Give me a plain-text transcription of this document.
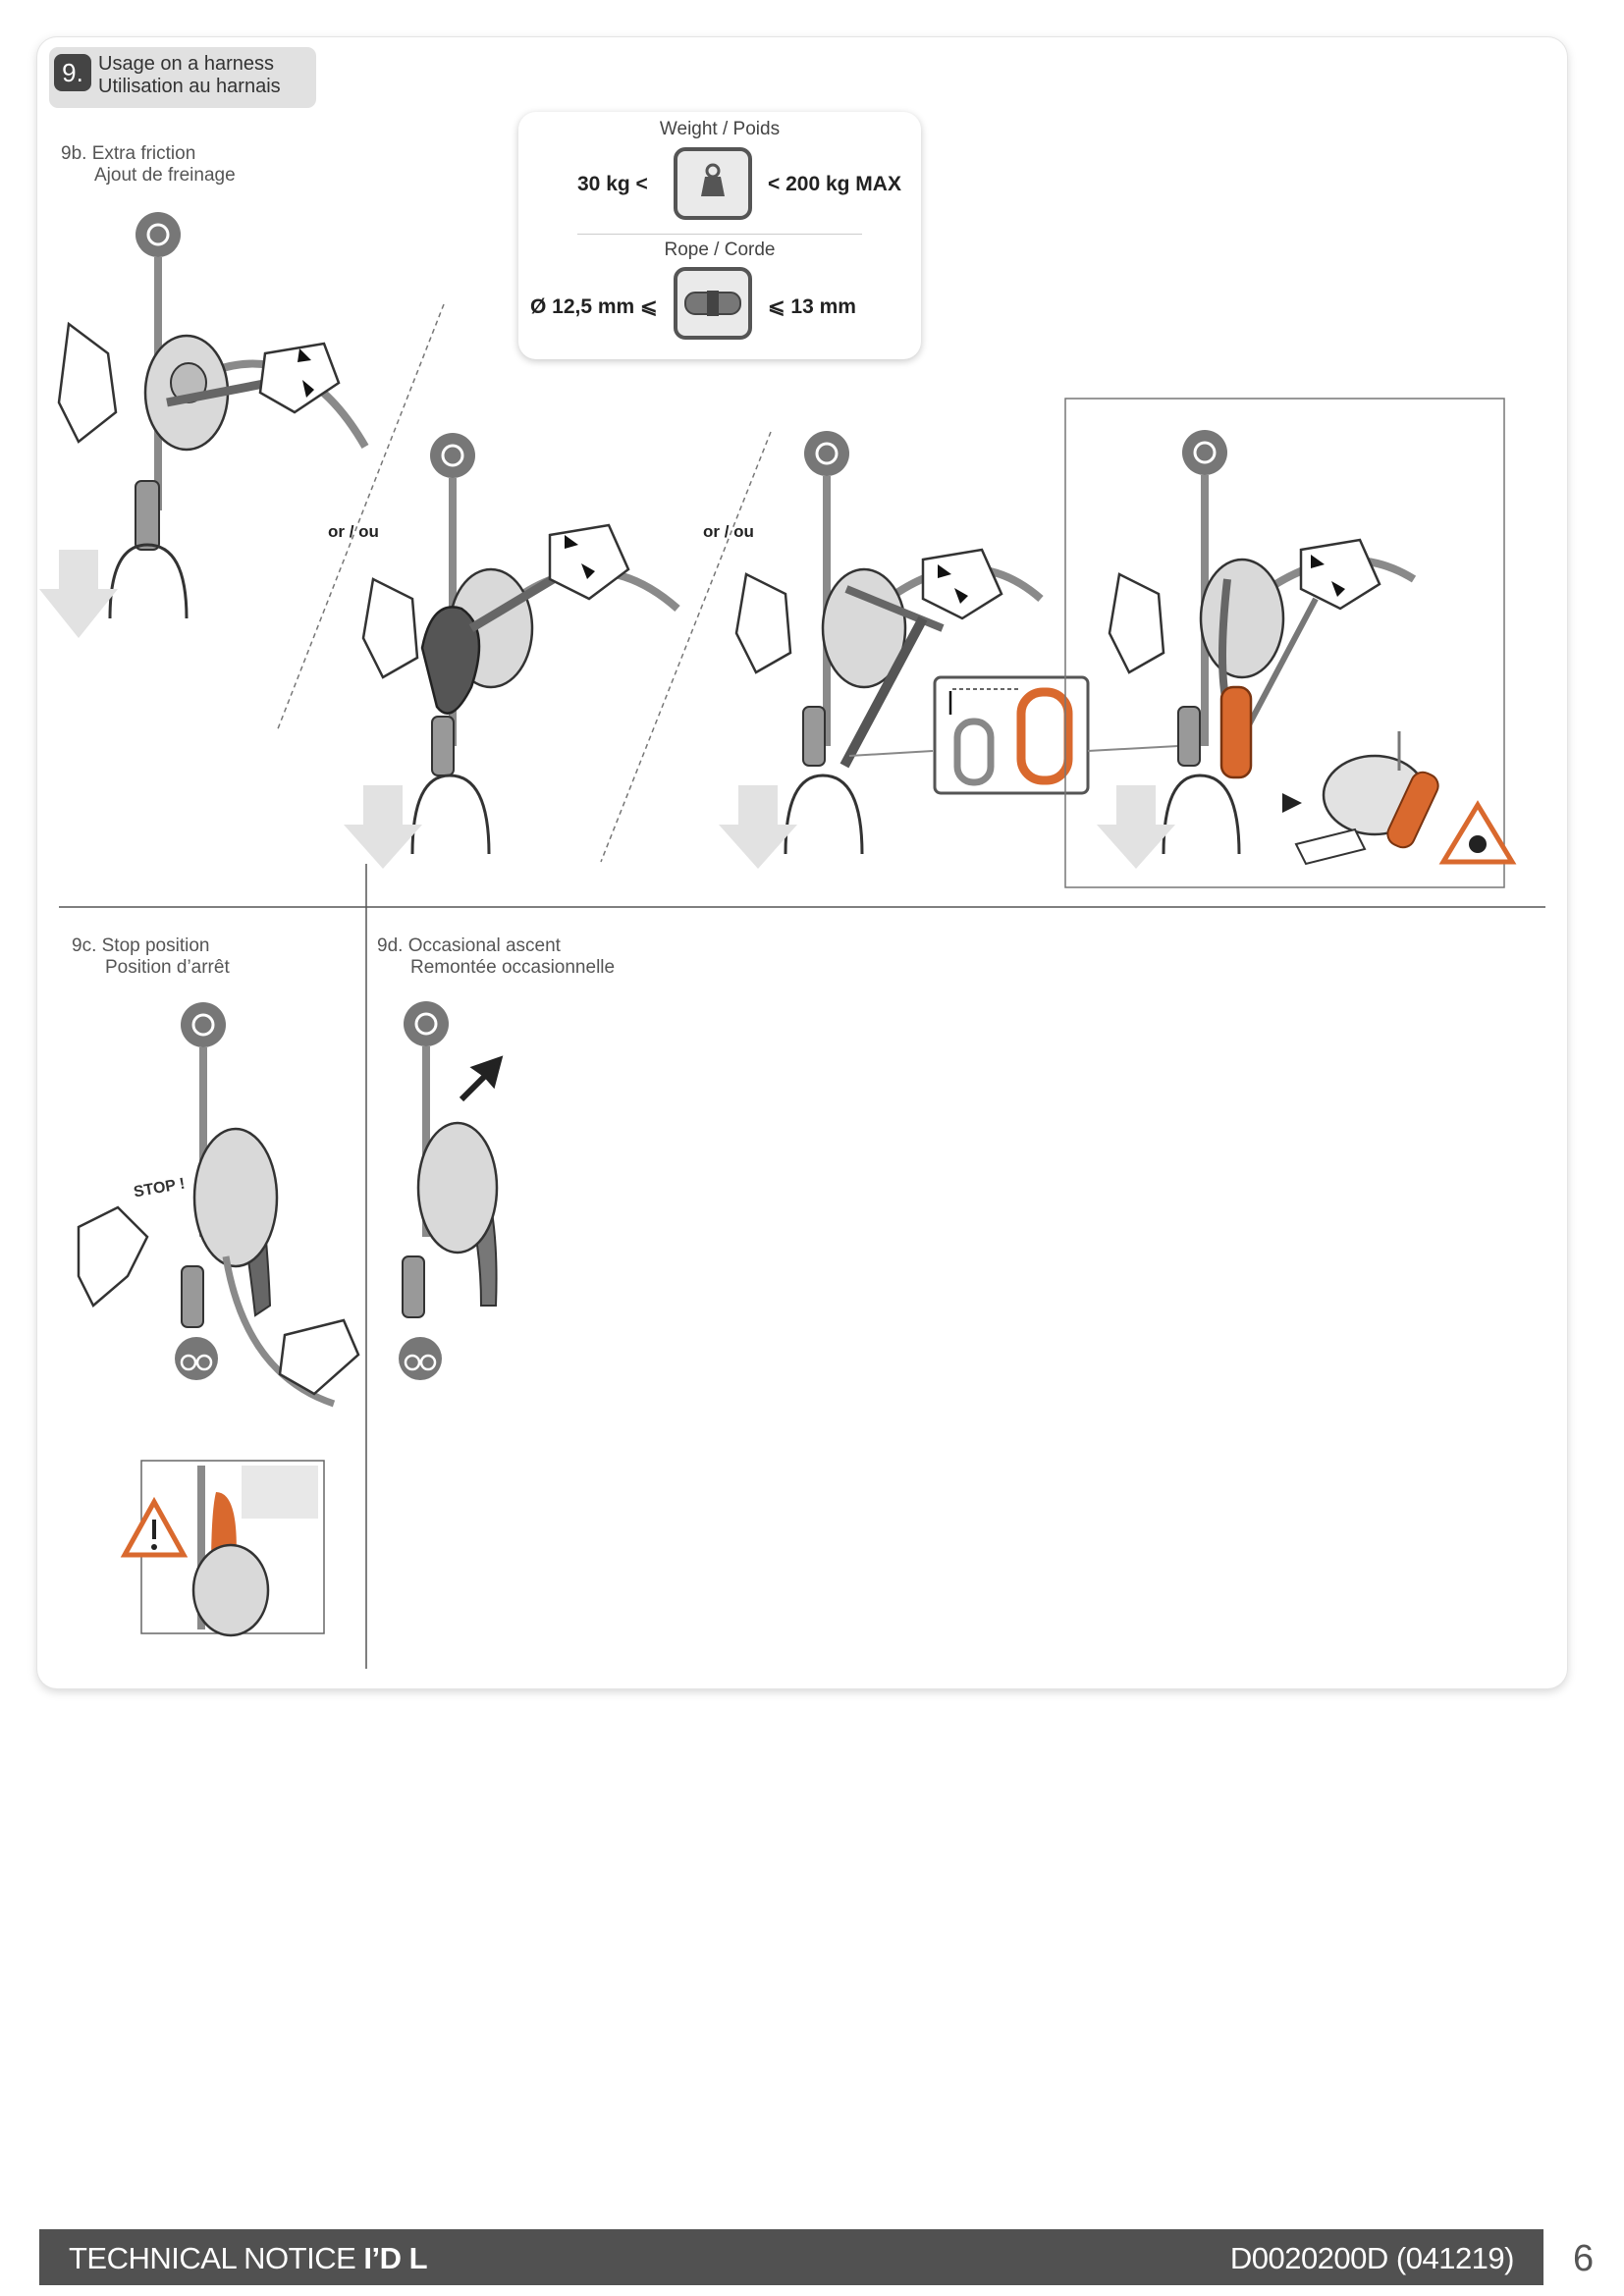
9. Usage on a harness
Utilisation au harnais
9b. Extra friction
Ajout de freinage
9c. Stop position
Position d’arrêt
9d. Occasional ascent
Remontée occasionnelle
or / ou	or / ou
STOP !
Weight / Poids
30 kg <	< 200 kg MAX
Rope / Corde
Ø 12,5 mm ⩽	⩽ 13 mm
TECHNICAL NOTICE I’D L	D0020200D (041219) 6
